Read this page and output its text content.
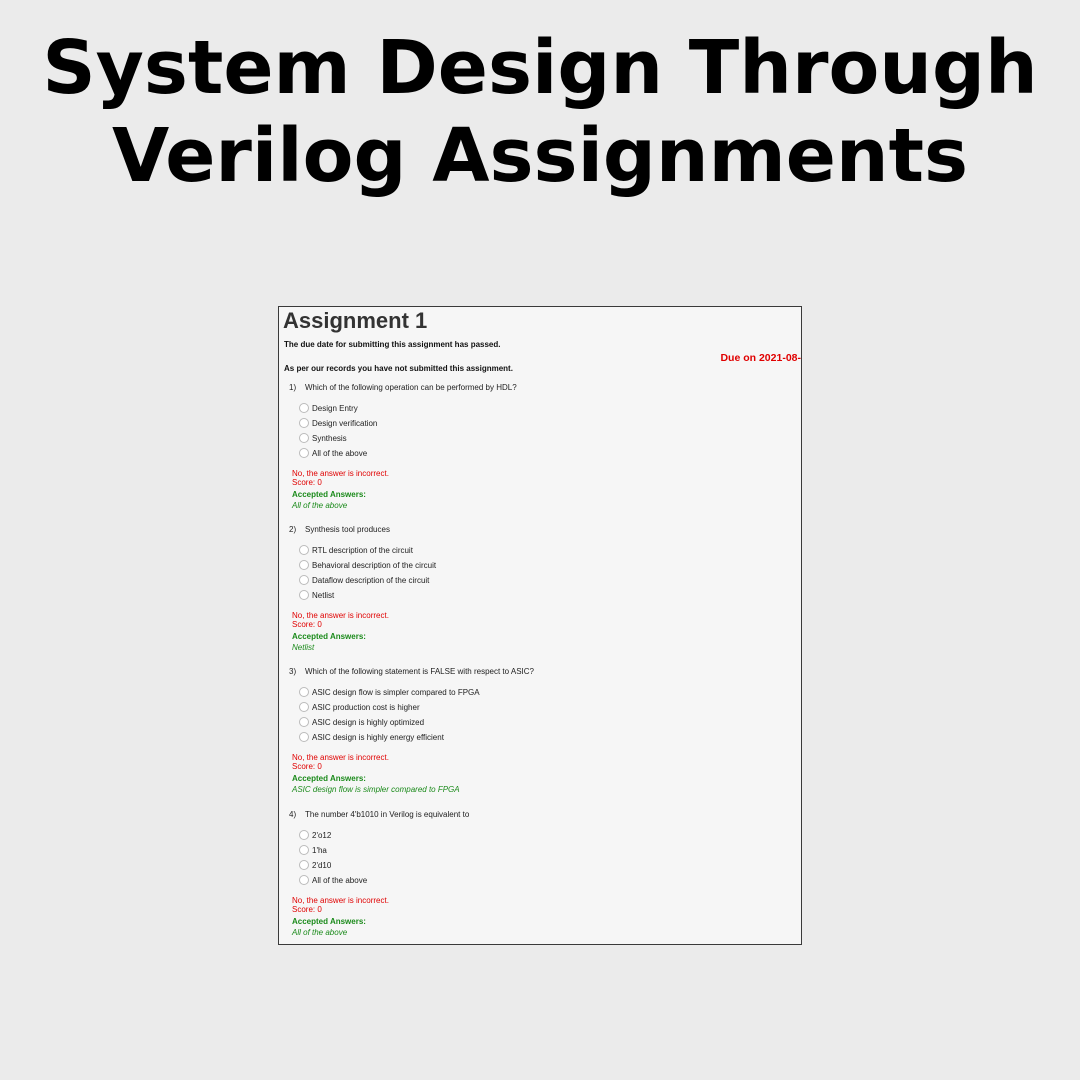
System Design Through
Verilog Assignments
Assignment 1
The due date for submitting this assignment has passed.
Due on 2021-08-
As per our records you have not submitted this assignment.
1) Which of the following operation can be performed by HDL?
Design Entry
Design verification
Synthesis
All of the above
No, the answer is incorrect.
Score: 0
Accepted Answers:
All of the above
2) Synthesis tool produces
RTL description of the circuit
Behavioral description of the circuit
Dataflow description of the circuit
Netlist
No, the answer is incorrect.
Score: 0
Accepted Answers:
Netlist
3) Which of the following statement is FALSE with respect to ASIC?
ASIC design flow is simpler compared to FPGA
ASIC production cost is higher
ASIC design is highly optimized
ASIC design is highly energy efficient
No, the answer is incorrect.
Score: 0
Accepted Answers:
ASIC design flow is simpler compared to FPGA
4) The number 4'b1010 in Verilog is equivalent to
2'o12
1'ha
2'd10
All of the above
No, the answer is incorrect.
Score: 0
Accepted Answers:
All of the above
